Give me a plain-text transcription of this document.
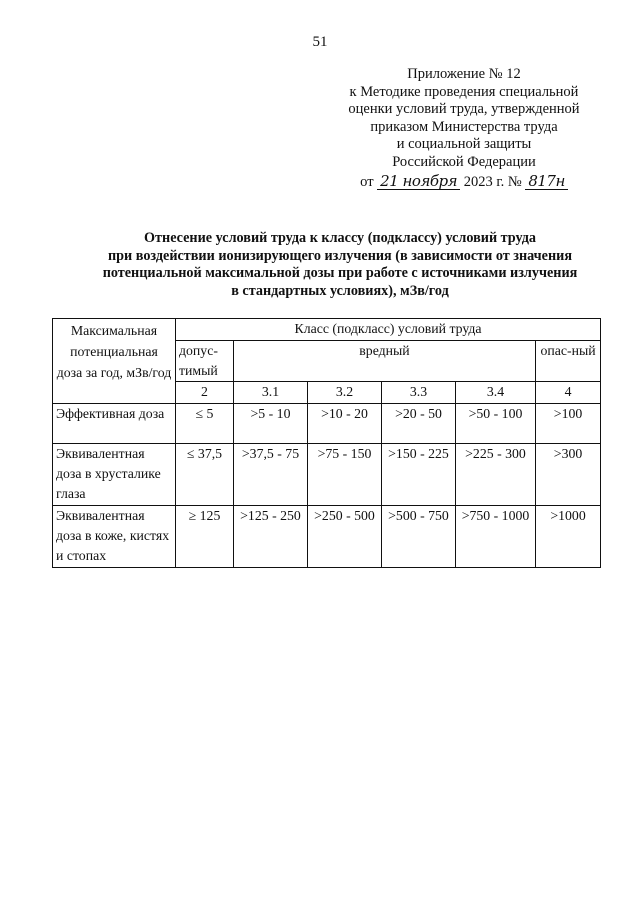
51
Приложение № 12
к Методике проведения специальной
оценки условий труда, утвержденной
приказом Министерства труда
и социальной защиты
Российской Федерации
от 21 ноября 2023 г. № 817н
Отнесение условий труда к классу (подклассу) условий труда
при воздействии ионизирующего излучения (в зависимости от значения
потенциальной максимальной дозы при работе с источниками излучения
в стандартных условиях), мЗв/год
Максимальная потенциальная доза за год, мЗв/год	Класс (подкласс) условий труда					
	допус-тимый	вредный				опас-ный
	2	3.1	3.2	3.3	3.4	4
Эффективная доза	≤ 5	>5 - 10	>10 - 20	>20 - 50	>50 - 100	>100
Эквивалентная доза в хрусталике глаза	≤ 37,5	>37,5 - 75	>75 - 150	>150 - 225	>225 - 300	>300
Эквивалентная доза в коже, кистях и стопах	≥ 125	>125 - 250	>250 - 500	>500 - 750	>750 - 1000	>1000
